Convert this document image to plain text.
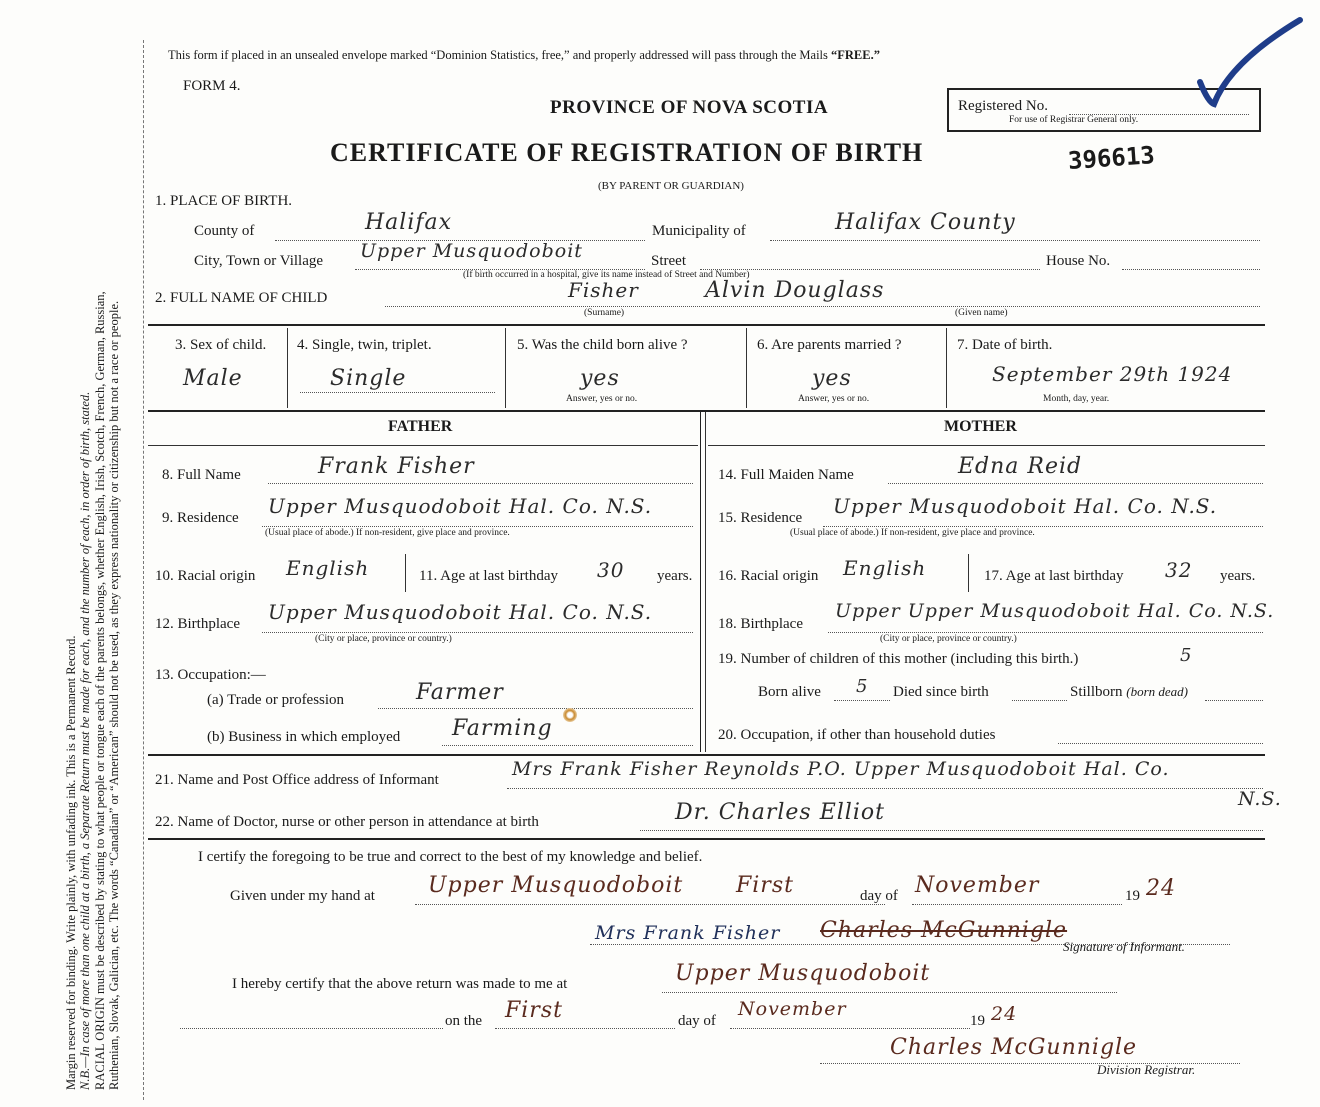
Margin reserved for binding. Write plainly, with unfading ink. This is a Permanent Record. N.B.—In case of more than one child at a birth, a Separate Return must be made for each, and the number of each, in order of birth, stated. RACIAL ORIGIN must be described by stating to what people or tongue each of the parents belongs, whether English, Irish, Scotch, French, German, Russian, Ruthenian, Slovak, Galician, etc. The words “Canadian” or “American” should not be used, as they express nationality or citizenship but not a race or people.
This form if placed in an unsealed envelope marked “Dominion Statistics, free,” and properly addressed will pass through the Mails “FREE.”
FORM 4.
PROVINCE OF NOVA SCOTIA
CERTIFICATE OF REGISTRATION OF BIRTH
(BY PARENT OR GUARDIAN)
Registered No.
For use of Registrar General only.
396613
1. PLACE OF BIRTH.
County of	Halifax	Municipality of	Halifax County
City, Town or Village Upper Musquodoboit	Street	House No.
(If birth occurred in a hospital, give its name instead of Street and Number)
2. FULL NAME OF CHILD	Fisher	Alvin Douglass
(Surname)	(Given name)
3. Sex of child.
Male
4. Single, twin, triplet.
Single
5. Was the child born alive ?
yes
Answer, yes or no.
6. Are parents married ?
yes
Answer, yes or no.
7. Date of birth.
September 29th 1924
Month, day, year.
FATHER	MOTHER
8. Full Name	Frank Fisher
9. Residence Upper Musquodoboit Hal. Co. N.S.
(Usual place of abode.) If non-resident, give place and province.
10. Racial origin English	11. Age at last birthday 30 years.
12. Birthplace Upper Musquodoboit Hal. Co. N.S.
(City or place, province or country.)
13. Occupation:—
(a) Trade or profession	Farmer
(b) Business in which employed Farming
14. Full Maiden Name	Edna Reid
15. Residence Upper Musquodoboit Hal. Co. N.S.
(Usual place of abode.) If non-resident, give place and province.
16. Racial origin English	17. Age at last birthday 32 years.
18. Birthplace
Upper Upper Musquodoboit Hal. Co. N.S.
(City or place, province or country.)
19. Number of children of this mother (including this birth.)	5
Born alive 5 Died since birth	Stillborn (born dead)
20. Occupation, if other than household duties
21. Name and Post Office address of Informant	Mrs Frank Fisher Reynolds P.O. Upper Musquodoboit Hal. Co.
N.S.
22. Name of Doctor, nurse or other person in attendance at birth	Dr. Charles Elliot
I certify the foregoing to be true and correct to the best of my knowledge and belief.
Given under my hand at Upper Musquodoboit First	day of November	19 24
Mrs Frank Fisher Charles McGunnigle
Signature of Informant.
I hereby certify that the above return was made to me at	Upper Musquodoboit
on the First	day of
November
19 24
Charles McGunnigle
Division Registrar.
